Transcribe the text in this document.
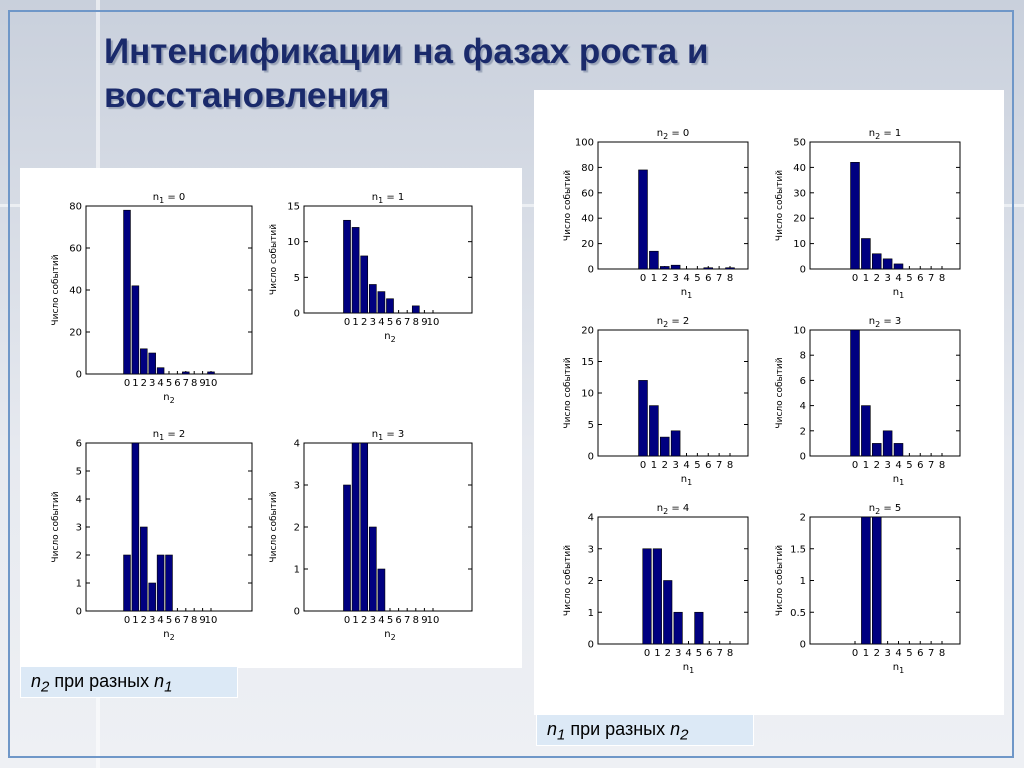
Интенсификации на фазах роста и восстановления
$n_1 = 0$
0
20
40
60
80
0 1 2 3 4 5 6 7 8 9
10
$n_2$
Число событий
$n_1 = 1$
0
5
10
15
0 1 2 3 4 5 6 7 8 9 10
$n_2$
Число событий
$n_1 = 2$
0
1
2
3
4
5
6
0 1 2 3 4 5 6 7 8 9
10
$n_2$
Число событий
$n_1 = 3$
0
1
2
3
4
0 1 2 3 4 5 6 7 8 9 10
$n_2$
Число событий
$n_2 = 0$
0
20
40
60
80
100
0 1 2 3 4 5 6 7 8
$n_1$
Число событий
$n_2 = 1$
0
10
20
30
40
50
0 1 2 3 4 5 6 7 8
$n_1$
Число событий
$n_2 = 2$
0
5
10
15
20
0 1 2 3 4 5 6 7 8
$n_1$
Число событий
$n_2 = 3$
0
2
4
6
8
10
0 1 2 3 4 5 6 7 8
$n_1$
Число событий
$n_2 = 4$
0
1
2
3
4
0 1 2 3 4 5 6 7 8
$n_1$
Число событий
$n_2 = 5$
0
0.5
1
1.5
2
0 1 2 3 4 5 6 7 8
$n_1$
Число событий
$n_2$ при разных $n_1$
$n_1$ при разных $n_2$
